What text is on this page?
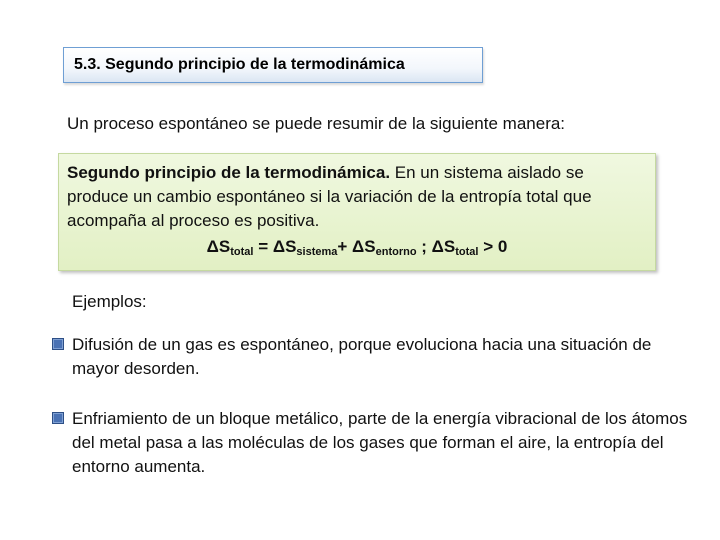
5.3. Segundo principio de la termodinámica
Un proceso espontáneo se puede resumir de la siguiente manera:
Segundo principio de la termodinámica. En un sistema aislado se produce un cambio espontáneo si la variación de la entropía total que acompaña al proceso es positiva.
$\Delta S_{total} = \Delta S_{sistema}+ \Delta S_{entorno}$ ; $\Delta S_{total} > 0$
Ejemplos:
Difusión de un gas es espontáneo, porque evoluciona hacia una situación de mayor desorden.
Enfriamiento de un bloque metálico, parte de la energía vibracional de los átomos del metal pasa a las moléculas de los gases que forman el aire, la entropía del entorno aumenta.
